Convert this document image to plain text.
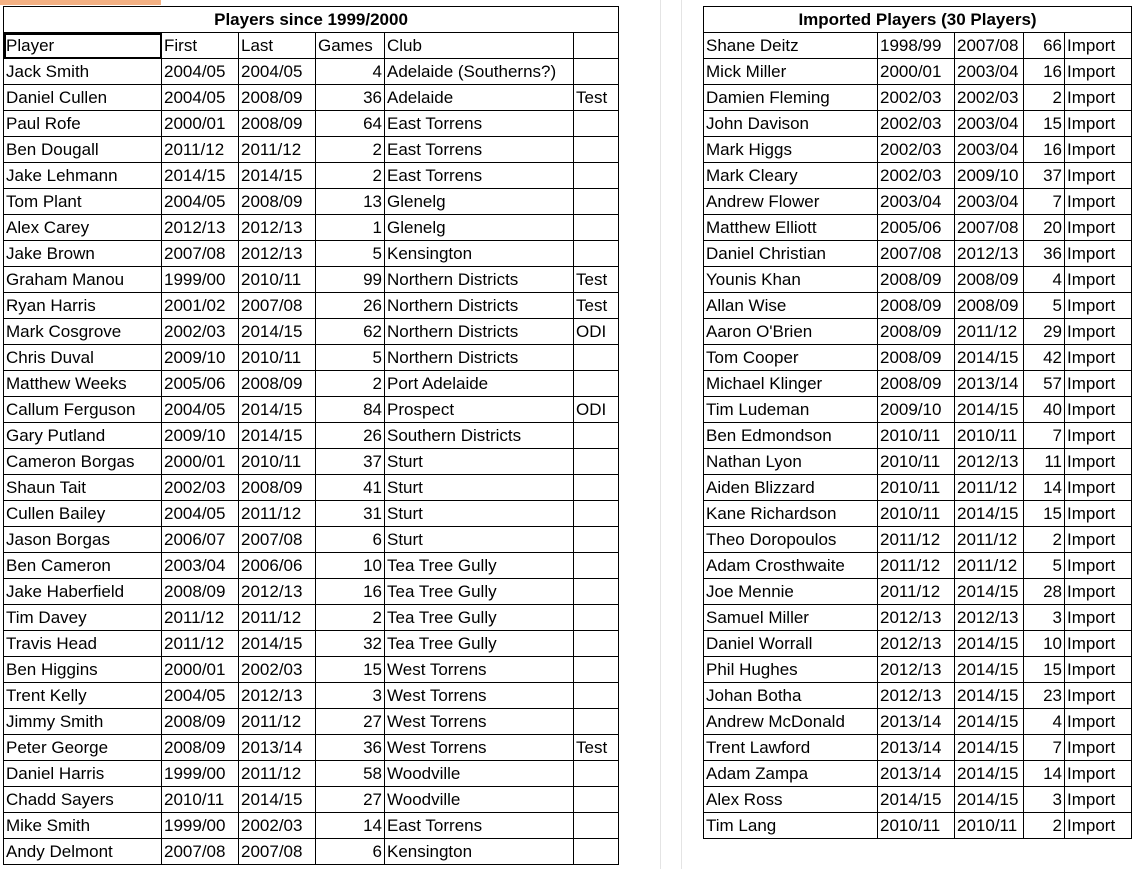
Players since 1999/2000					
Player	First	Last	Games	Club	
Jack Smith	2004/05	2004/05	4	Adelaide (Southerns?)	
Daniel Cullen	2004/05	2008/09	36	Adelaide	Test
Paul Rofe	2000/01	2008/09	64	East Torrens	
Ben Dougall	2011/12	2011/12	2	East Torrens	
Jake Lehmann	2014/15	2014/15	2	East Torrens	
Tom Plant	2004/05	2008/09	13	Glenelg	
Alex Carey	2012/13	2012/13	1	Glenelg	
Jake Brown	2007/08	2012/13	5	Kensington	
Graham Manou	1999/00	2010/11	99	Northern Districts	Test
Ryan Harris	2001/02	2007/08	26	Northern Districts	Test
Mark Cosgrove	2002/03	2014/15	62	Northern Districts	ODI
Chris Duval	2009/10	2010/11	5	Northern Districts	
Matthew Weeks	2005/06	2008/09	2	Port Adelaide	
Callum Ferguson	2004/05	2014/15	84	Prospect	ODI
Gary Putland	2009/10	2014/15	26	Southern Districts	
Cameron Borgas	2000/01	2010/11	37	Sturt	
Shaun Tait	2002/03	2008/09	41	Sturt	
Cullen Bailey	2004/05	2011/12	31	Sturt	
Jason Borgas	2006/07	2007/08	6	Sturt	
Ben Cameron	2003/04	2006/06	10	Tea Tree Gully	
Jake Haberfield	2008/09	2012/13	16	Tea Tree Gully	
Tim Davey	2011/12	2011/12	2	Tea Tree Gully	
Travis Head	2011/12	2014/15	32	Tea Tree Gully	
Ben Higgins	2000/01	2002/03	15	West Torrens	
Trent Kelly	2004/05	2012/13	3	West Torrens	
Jimmy Smith	2008/09	2011/12	27	West Torrens	
Peter George	2008/09	2013/14	36	West Torrens	Test
Daniel Harris	1999/00	2011/12	58	Woodville	
Chadd Sayers	2010/11	2014/15	27	Woodville	
Mike Smith	1999/00	2002/03	14	East Torrens	
Andy Delmont	2007/08	2007/08	6	Kensington	
Imported Players (30 Players)				
Shane Deitz	1998/99	2007/08	66	Import
Mick Miller	2000/01	2003/04	16	Import
Damien Fleming	2002/03	2002/03	2	Import
John Davison	2002/03	2003/04	15	Import
Mark Higgs	2002/03	2003/04	16	Import
Mark Cleary	2002/03	2009/10	37	Import
Andrew Flower	2003/04	2003/04	7	Import
Matthew Elliott	2005/06	2007/08	20	Import
Daniel Christian	2007/08	2012/13	36	Import
Younis Khan	2008/09	2008/09	4	Import
Allan Wise	2008/09	2008/09	5	Import
Aaron O'Brien	2008/09	2011/12	29	Import
Tom Cooper	2008/09	2014/15	42	Import
Michael Klinger	2008/09	2013/14	57	Import
Tim Ludeman	2009/10	2014/15	40	Import
Ben Edmondson	2010/11	2010/11	7	Import
Nathan Lyon	2010/11	2012/13	11	Import
Aiden Blizzard	2010/11	2011/12	14	Import
Kane Richardson	2010/11	2014/15	15	Import
Theo Doropoulos	2011/12	2011/12	2	Import
Adam Crosthwaite	2011/12	2011/12	5	Import
Joe Mennie	2011/12	2014/15	28	Import
Samuel Miller	2012/13	2012/13	3	Import
Daniel Worrall	2012/13	2014/15	10	Import
Phil Hughes	2012/13	2014/15	15	Import
Johan Botha	2012/13	2014/15	23	Import
Andrew McDonald	2013/14	2014/15	4	Import
Trent Lawford	2013/14	2014/15	7	Import
Adam Zampa	2013/14	2014/15	14	Import
Alex Ross	2014/15	2014/15	3	Import
Tim Lang	2010/11	2010/11	2	Import
